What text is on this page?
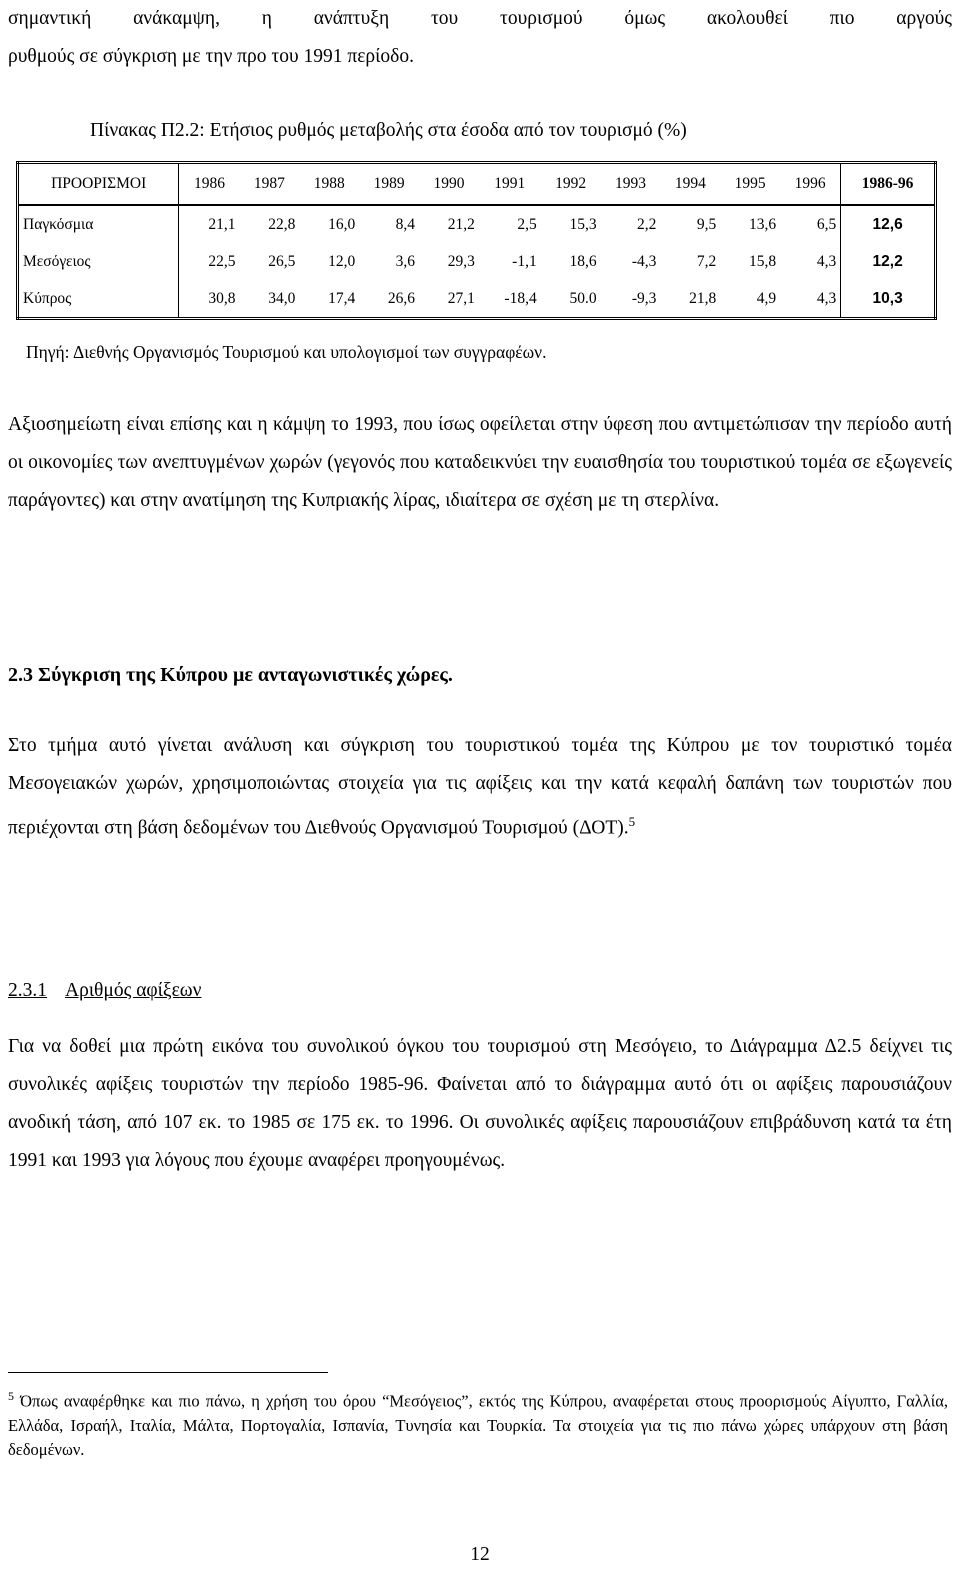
σημαντική ανάκαμψη, η ανάπτυξη του τουρισμού όμως ακολουθεί πιο αργούς

ρυθμούς σε σύγκριση με την προ του 1991 περίοδο.

Πίνακας Π2.2: Ετήσιος ρυθμός μεταβολής στα έσοδα από τον τουρισμό (%)

ΠΡΟΟΡΙΣΜΟΙ	1986	1987	1988	1989	1990	1991	1992	1993	1994	1995	1996	1986-96
Παγκόσμια	21,1	22,8	16,0	8,4	21,2	2,5	15,3	2,2	9,5	13,6	6,5	12,6
Μεσόγειος	22,5	26,5	12,0	3,6	29,3	-1,1	18,6	-4,3	7,2	15,8	4,3	12,2
Κύπρος	30,8	34,0	17,4	26,6	27,1	-18,4	50.0	-9,3	21,8	4,9	4,3	10,3

Πηγή: Διεθνής Οργανισμός Τουρισμού και υπολογισμοί των συγγραφέων.

Αξιοσημείωτη είναι επίσης και η κάμψη το 1993, που ίσως οφείλεται στην ύφεση που αντιμετώπισαν την περίοδο αυτή οι οικονομίες των ανεπτυγμένων χωρών (γεγονός που καταδεικνύει την ευαισθησία του τουριστικού τομέα σε εξωγενείς παράγοντες) και στην ανατίμηση της Κυπριακής λίρας, ιδιαίτερα σε σχέση με τη στερλίνα.

2.3 Σύγκριση της Κύπρου με ανταγωνιστικές χώρες.

Στο τμήμα αυτό γίνεται ανάλυση και σύγκριση του τουριστικού τομέα της Κύπρου με τον τουριστικό τομέα Μεσογειακών χωρών, χρησιμοποιώντας στοιχεία για τις αφίξεις και την κατά κεφαλή δαπάνη των τουριστών που περιέχονται στη βάση δεδομένων του Διεθνούς Οργανισμού Τουρισμού (ΔΟΤ).$^5$

2.3.1 Αριθμός αφίξεων

Για να δοθεί μια πρώτη εικόνα του συνολικού όγκου του τουρισμού στη Μεσόγειο, το Διάγραμμα Δ2.5 δείχνει τις συνολικές αφίξεις τουριστών την περίοδο 1985-96. Φαίνεται από το διάγραμμα αυτό ότι οι αφίξεις παρουσιάζουν ανοδική τάση, από 107 εκ. το 1985 σε 175 εκ. το 1996. Οι συνολικές αφίξεις παρουσιάζουν επιβράδυνση κατά τα έτη 1991 και 1993 για λόγους που έχουμε αναφέρει προηγουμένως.

$^5$ Όπως αναφέρθηκε και πιο πάνω, η χρήση του όρου “Μεσόγειος”, εκτός της Κύπρου, αναφέρεται στους προορισμούς Αίγυπτο, Γαλλία, Ελλάδα, Ισραήλ, Ιταλία, Μάλτα, Πορτογαλία, Ισπανία, Τυνησία και Τουρκία. Τα στοιχεία για τις πιο πάνω χώρες υπάρχουν στη βάση δεδομένων.

12
